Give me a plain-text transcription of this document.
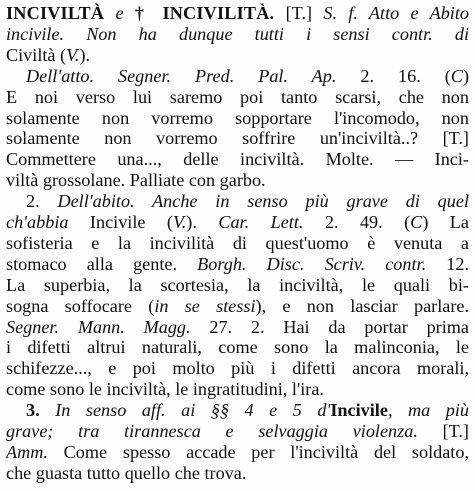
INCIVILTÀ e † INCIVILITÀ. [T.] S. f. Atto e Abito
incivile. Non ha dunque tutti i sensi contr. di
Civiltà (V.).
Dell'atto. Segner. Pred. Pal. Ap. 2. 16. (C)
E noi verso lui saremo poi tanto scarsi, che non
solamente non vorremo sopportare l'incomodo, non
solamente non vorremo soffrire un'inciviltà..? [T.]
Commettere una..., delle inciviltà. Molte. — Inci-
viltà grossolane. Palliate con garbo.
2. Dell'abito. Anche in senso più grave di quel
ch'abbia Incivile (V.). Car. Lett. 2. 49. (C) La
sofisteria e la incivilità di quest'uomo è venuta a
stomaco alla gente. Borgh. Disc. Scriv. contr. 12.
La superbia, la scortesia, la inciviltà, le quali bi-
sogna soffocare (in se stessi), e non lasciar parlare.
Segner. Mann. Magg. 27. 2. Hai da portar prima
i difetti altrui naturali, come sono la malinconia, le
schifezze..., e poi molto più i difetti ancora morali,
come sono le inciviltà, le ingratitudini, l'ira.
3. In senso aff. ai §§ 4 e 5 d'Incivile, ma più
grave; tra tirannesca e selvaggia violenza. [T.]
Amm. Come spesso accade per l'inciviltà del soldato,
che guasta tutto quello che trova.
